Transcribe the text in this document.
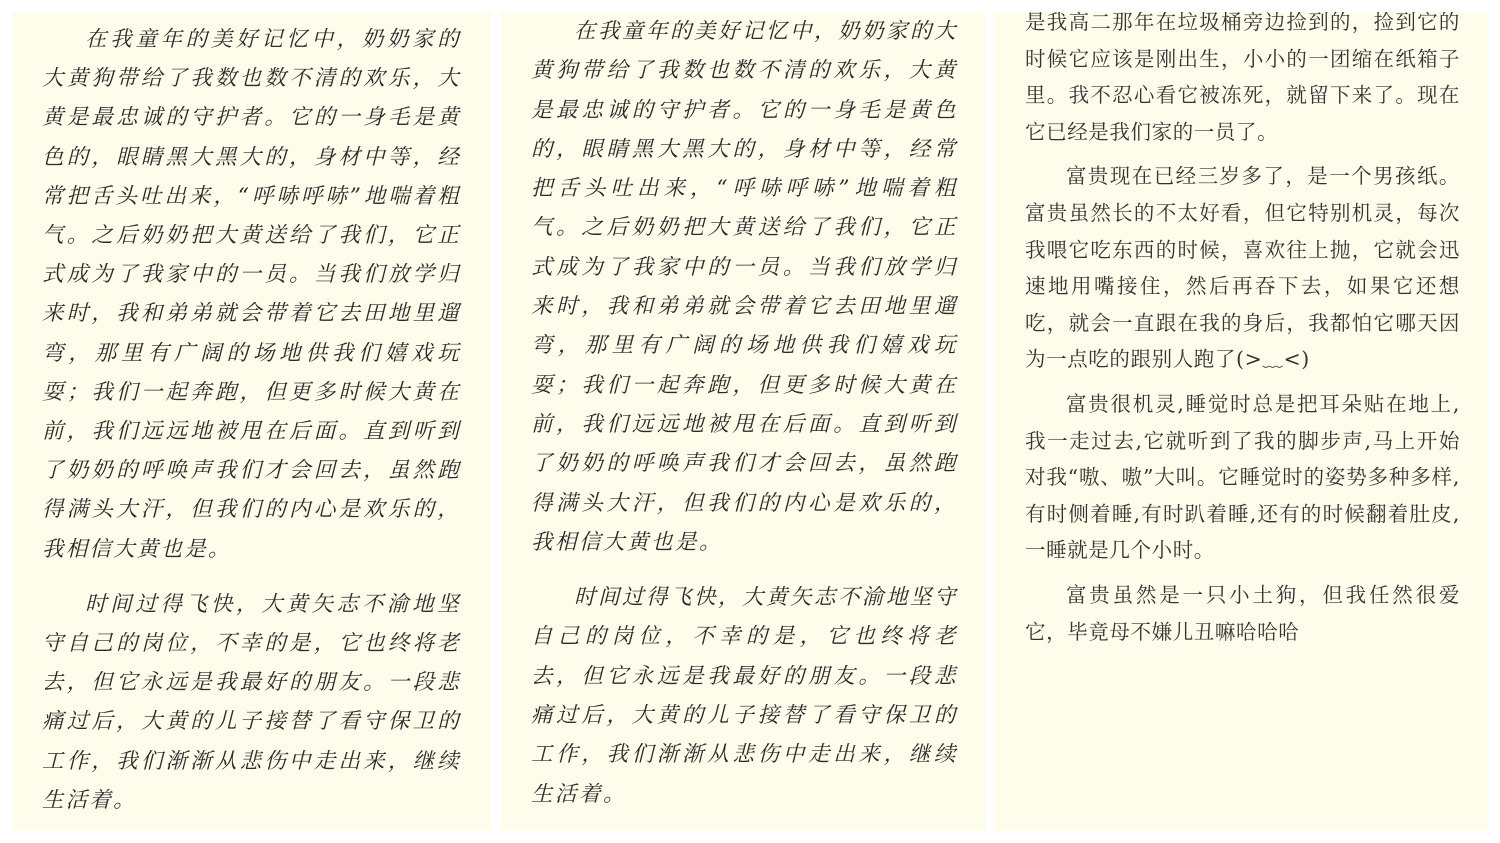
在我童年的美好记忆中，奶奶家的大黄狗带给了我数也数不清的欢乐，大黄是最忠诚的守护者。它的一身毛是黄色的，眼睛黑大黑大的，身材中等，经常把舌头吐出来，“呼哧呼哧”地喘着粗气。之后奶奶把大黄送给了我们，它正式成为了我家中的一员。当我们放学归来时，我和弟弟就会带着它去田地里遛弯，那里有广阔的场地供我们嬉戏玩耍；我们一起奔跑，但更多时候大黄在前，我们远远地被甩在后面。直到听到了奶奶的呼唤声我们才会回去，虽然跑得满头大汗，但我们的内心是欢乐的，我相信大黄也是。

时间过得飞快，大黄矢志不渝地坚守自己的岗位，不幸的是，它也终将老去，但它永远是我最好的朋友。一段悲痛过后，大黄的儿子接替了看守保卫的工作，我们渐渐从悲伤中走出来，继续生活着。

在我童年的美好记忆中，奶奶家的大黄狗带给了我数也数不清的欢乐，大黄是最忠诚的守护者。它的一身毛是黄色的，眼睛黑大黑大的，身材中等，经常把舌头吐出来，“呼哧呼哧”地喘着粗气。之后奶奶把大黄送给了我们，它正式成为了我家中的一员。当我们放学归来时，我和弟弟就会带着它去田地里遛弯，那里有广阔的场地供我们嬉戏玩耍；我们一起奔跑，但更多时候大黄在前，我们远远地被甩在后面。直到听到了奶奶的呼唤声我们才会回去，虽然跑得满头大汗，但我们的内心是欢乐的，我相信大黄也是。

时间过得飞快，大黄矢志不渝地坚守自己的岗位，不幸的是，它也终将老去，但它永远是我最好的朋友。一段悲痛过后，大黄的儿子接替了看守保卫的工作，我们渐渐从悲伤中走出来，继续生活着。

是我高二那年在垃圾桶旁边捡到的，捡到它的时候它应该是刚出生，小小的一团缩在纸箱子里。我不忍心看它被冻死，就留下来了。现在它已经是我们家的一员了。

富贵现在已经三岁多了，是一个男孩纸。富贵虽然长的不太好看，但它特别机灵，每次我喂它吃东西的时候，喜欢往上抛，它就会迅速地用嘴接住，然后再吞下去，如果它还想吃，就会一直跟在我的身后，我都怕它哪天因为一点吃的跟别人跑了(>﹏<)

富贵很机灵,睡觉时总是把耳朵贴在地上,我一走过去,它就听到了我的脚步声,马上开始对我“嗷、嗷”大叫。它睡觉时的姿势多种多样,有时侧着睡,有时趴着睡,还有的时候翻着肚皮,一睡就是几个小时。

富贵虽然是一只小土狗，但我任然很爱它，毕竟母不嫌儿丑嘛哈哈哈
